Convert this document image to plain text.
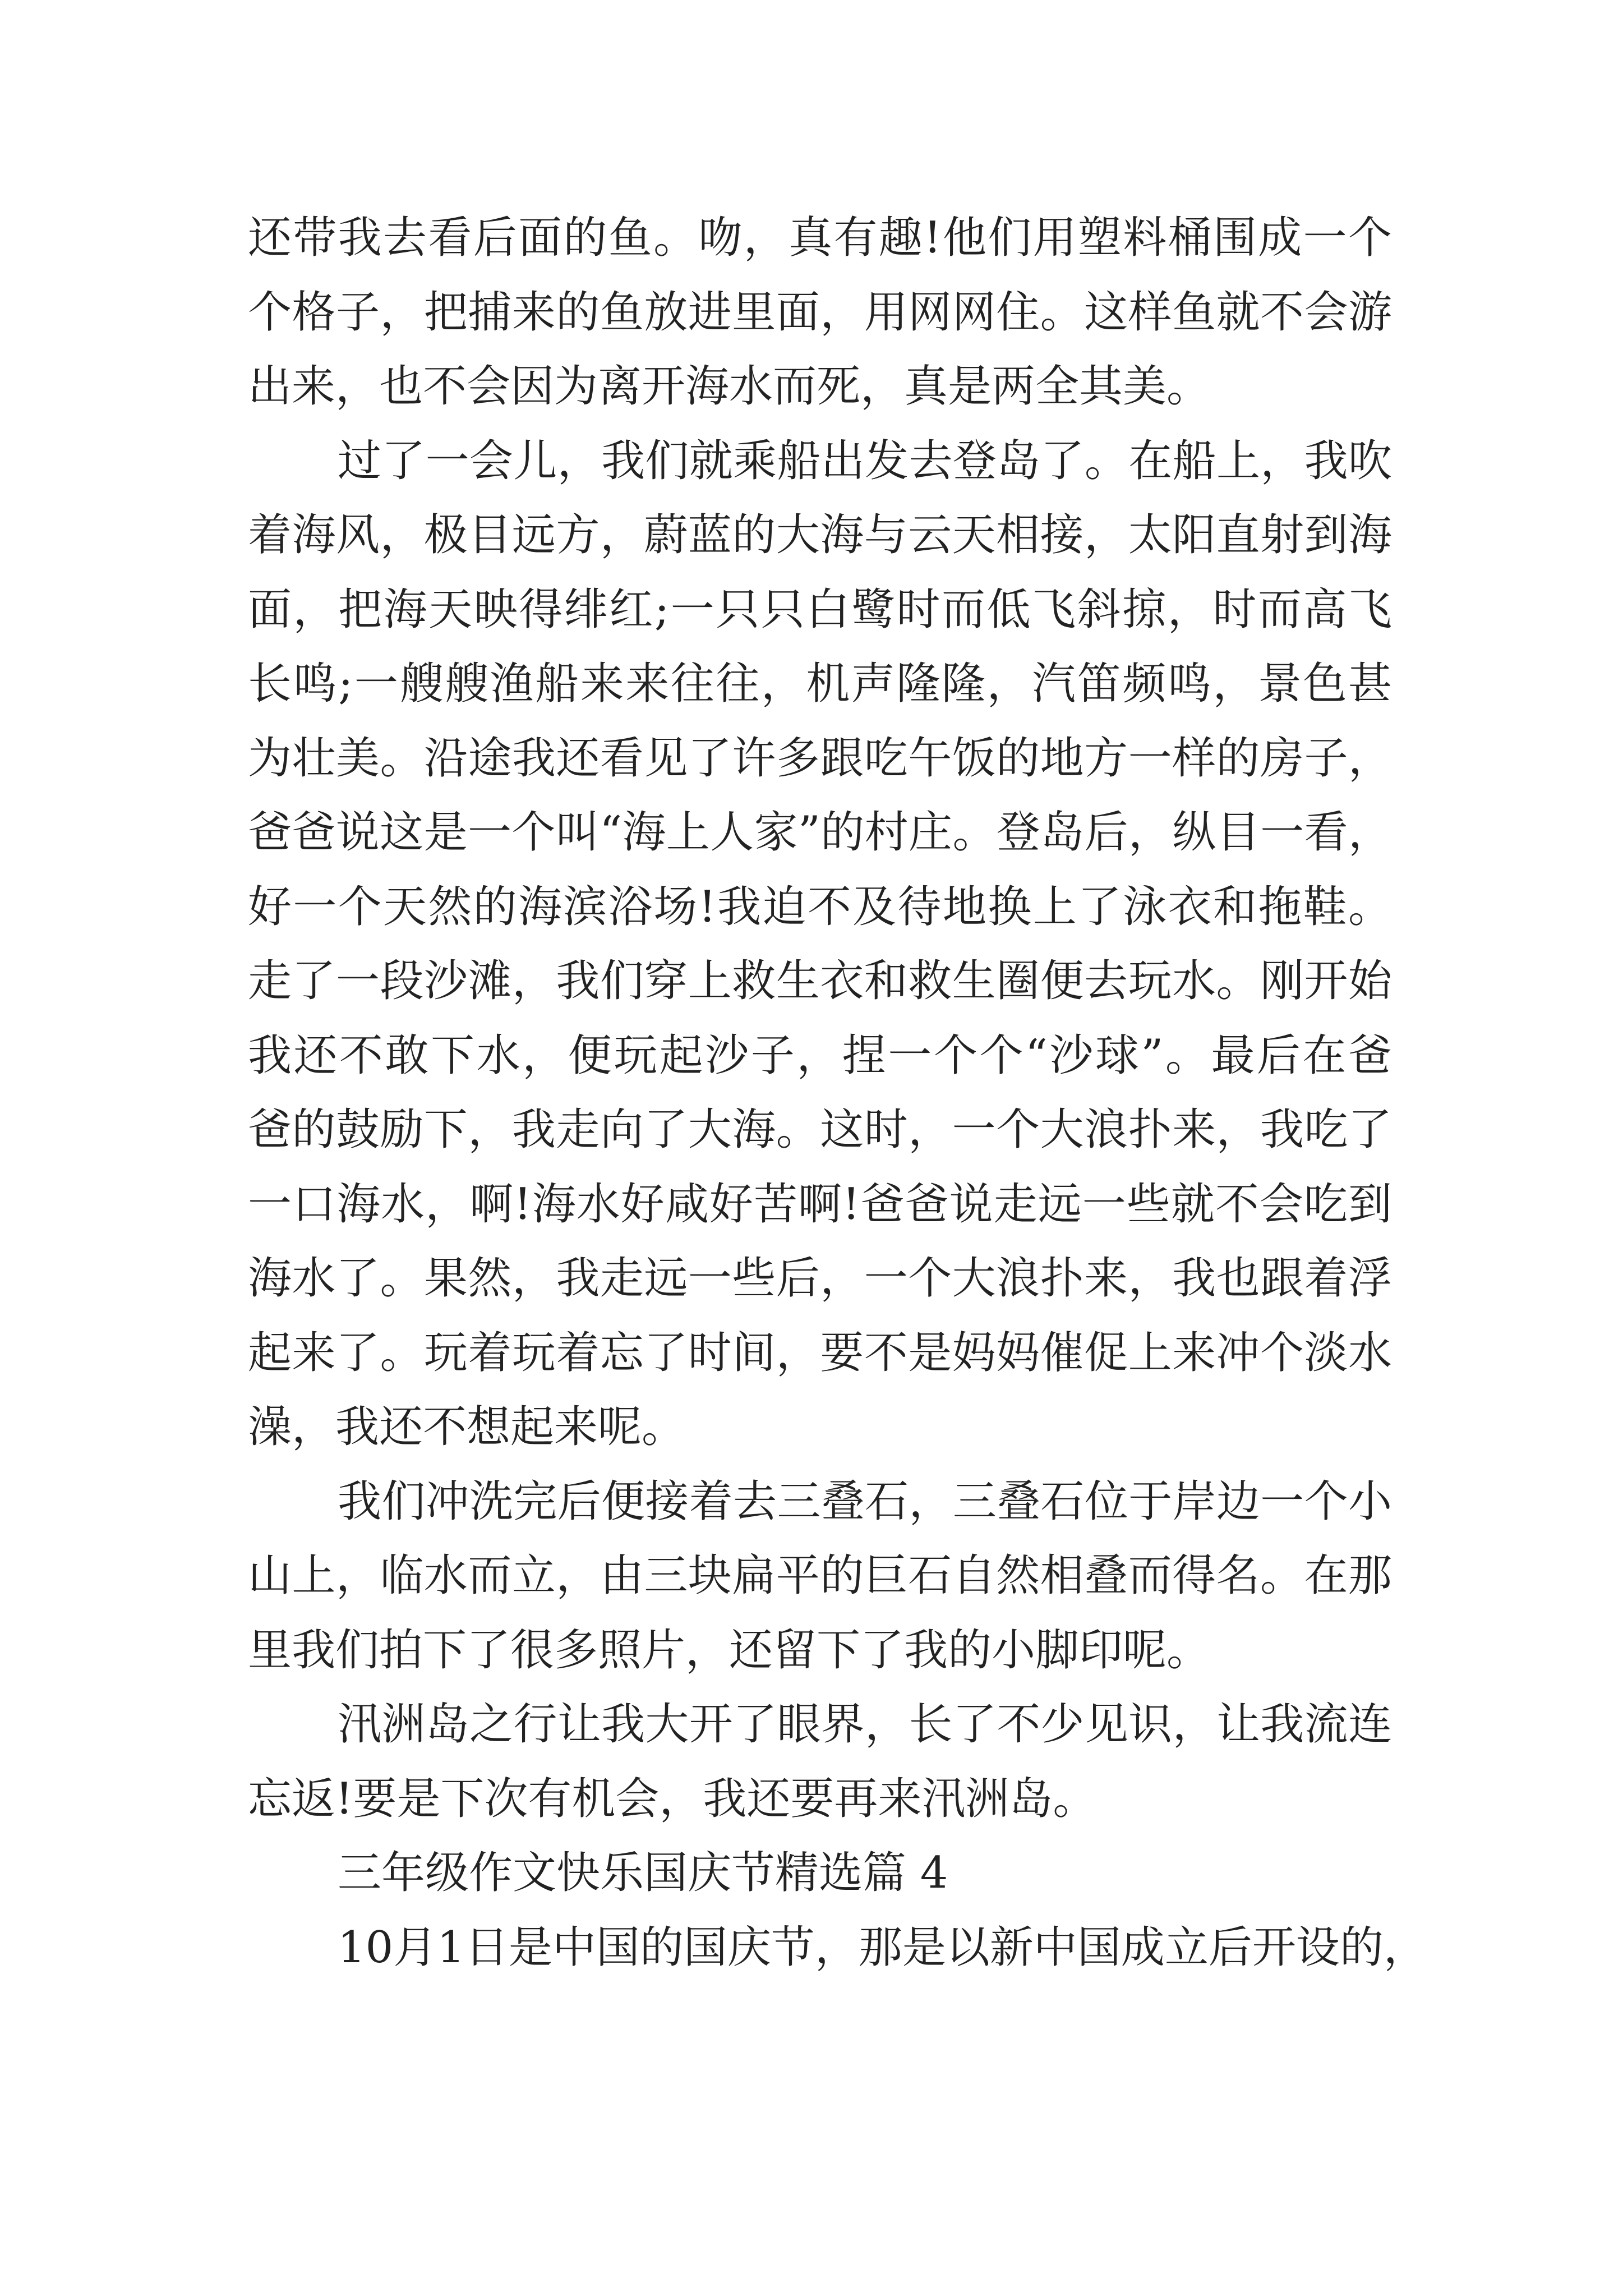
还带我去看后面的鱼。吻，真有趣!他们用塑料桶围成一个
个格子，把捕来的鱼放进里面，用网网住。这样鱼就不会游
出来，也不会因为离开海水而死，真是两全其美。
过了一会儿，我们就乘船出发去登岛了。在船上，我吹
着海风，极目远方，蔚蓝的大海与云天相接，太阳直射到海
面，把海天映得绯红;一只只白鹭时而低飞斜掠，时而高飞
长鸣;一艘艘渔船来来往往，机声隆隆，汽笛频鸣，景色甚
为壮美。沿途我还看见了许多跟吃午饭的地方一样的房子，
爸爸说这是一个叫“海上人家”的村庄。登岛后，纵目一看，
好一个天然的海滨浴场!我迫不及待地换上了泳衣和拖鞋。
走了一段沙滩，我们穿上救生衣和救生圈便去玩水。刚开始
我还不敢下水，便玩起沙子，捏一个个“沙球”。最后在爸
爸的鼓励下，我走向了大海。这时，一个大浪扑来，我吃了
一口海水，啊!海水好咸好苦啊!爸爸说走远一些就不会吃到
海水了。果然，我走远一些后，一个大浪扑来，我也跟着浮
起来了。玩着玩着忘了时间，要不是妈妈催促上来冲个淡水
澡，我还不想起来呢。
我们冲洗完后便接着去三叠石，三叠石位于岸边一个小
山上，临水而立，由三块扁平的巨石自然相叠而得名。在那
里我们拍下了很多照片，还留下了我的小脚印呢。
汛洲岛之行让我大开了眼界，长了不少见识，让我流连
忘返!要是下次有机会，我还要再来汛洲岛。
三年级作文快乐国庆节精选篇 4
10月1日是中国的国庆节，那是以新中国成立后开设的，
